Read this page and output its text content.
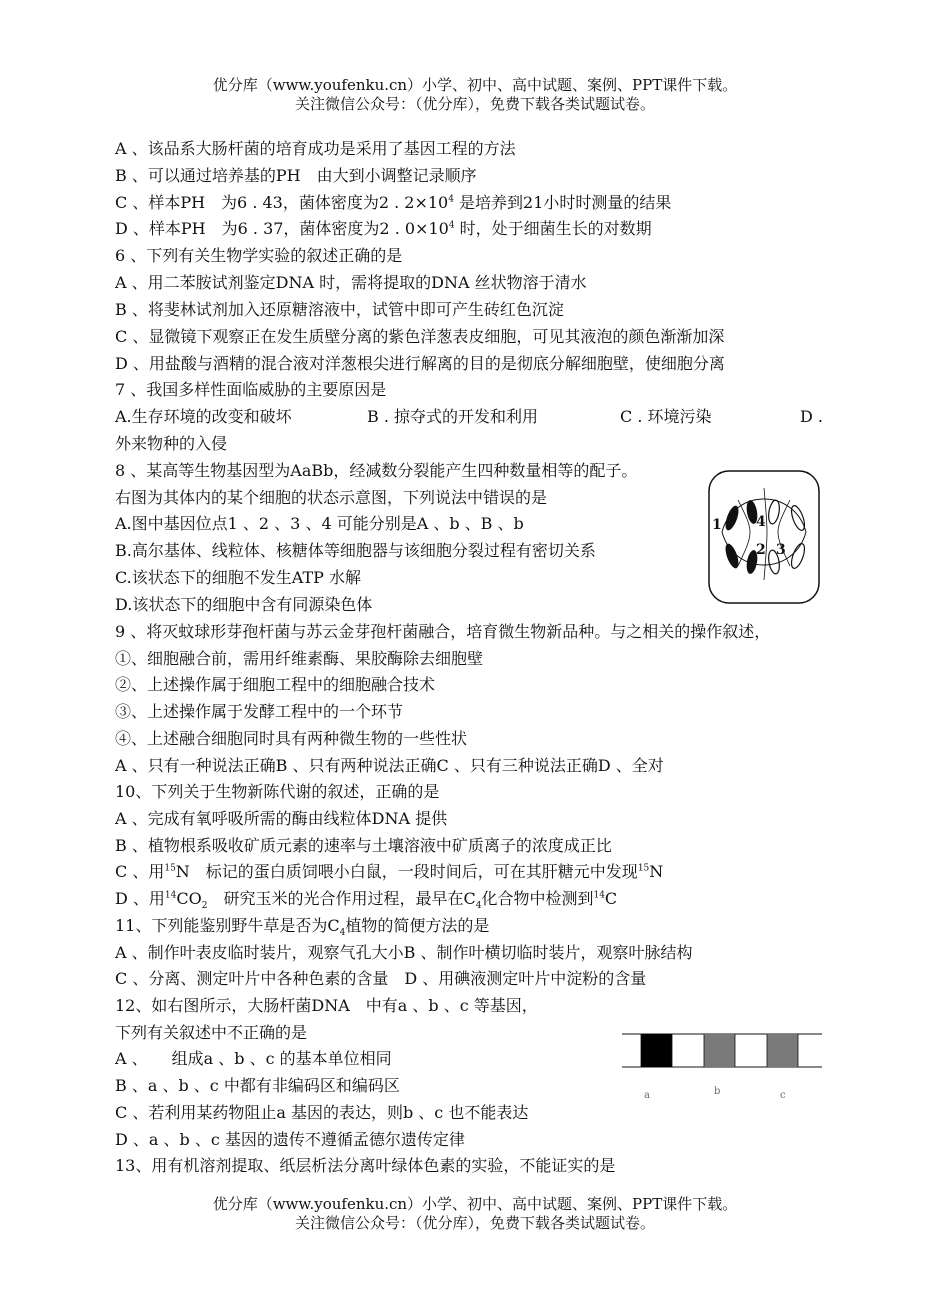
优分库（www.youfenku.cn）小学、初中、高中试题、案例、PPT课件下载。
关注微信公众号：（优分库），免费下载各类试题试卷。
A 、该品系大肠杆菌的培育成功是采用了基因工程的方法
B 、可以通过培养基的PH　由大到小调整记录顺序
C 、样本PH　为6 . 43，菌体密度为2 . $2\times 10^4$ 是培养到21小时时测量的结果
D 、样本PH　为6 . 37，菌体密度为2 . $0\times 10^4$ 时，处于细菌生长的对数期
6 、下列有关生物学实验的叙述正确的是
A 、用二苯胺试剂鉴定DNA 时，需将提取的DNA 丝状物溶于清水
B 、将斐林试剂加入还原糖溶液中，试管中即可产生砖红色沉淀
C 、显微镜下观察正在发生质壁分离的紫色洋葱表皮细胞，可见其液泡的颜色渐渐加深
D 、用盐酸与酒精的混合液对洋葱根尖进行解离的目的是彻底分解细胞壁，使细胞分离
7 、我国多样性面临威胁的主要原因是
A.生存环境的改变和破坏	B . 掠夺式的开发和利用	C . 环境污染	D .
外来物种的入侵
8 、某高等生物基因型为AaBb，经减数分裂能产生四种数量相等的配子。
右图为其体内的某个细胞的状态示意图，下列说法中错误的是
A.图中基因位点1 、2 、3 、4 可能分别是A 、b 、B 、b
B.高尔基体、线粒体、核糖体等细胞器与该细胞分裂过程有密切关系
C.该状态下的细胞不发生ATP 水解
D.该状态下的细胞中含有同源染色体
1 4
2 3
9 、将灭蚊球形芽孢杆菌与苏云金芽孢杆菌融合，培育微生物新品种。与之相关的操作叙述，
①、细胞融合前，需用纤维素酶、果胶酶除去细胞壁
②、上述操作属于细胞工程中的细胞融合技术
③、上述操作属于发酵工程中的一个环节
④、上述融合细胞同时具有两种微生物的一些性状
A 、只有一种说法正确B 、只有两种说法正确C 、只有三种说法正确D 、全对
10、下列关于生物新陈代谢的叙述，正确的是
A 、完成有氧呼吸所需的酶由线粒体DNA 提供
B 、植物根系吸收矿质元素的速率与土壤溶液中矿质离子的浓度成正比
C 、用$^{15}$N　标记的蛋白质饲喂小白鼠，一段时间后，可在其肝糖元中发现$^{15}$N
D 、用$^{14}CO_2$　研究玉米的光合作用过程，最早在$C_4$化合物中检测到$^{14}$C
11、下列能鉴别野牛草是否为$C_4$植物的简便方法的是
A 、制作叶表皮临时装片，观察气孔大小B 、制作叶横切临时装片，观察叶脉结构
C 、分离、测定叶片中各种色素的含量　D 、用碘液测定叶片中淀粉的含量
12、如右图所示，大肠杆菌DNA　中有a 、b 、c 等基因，
下列有关叙述中不正确的是
A 、　　组成a 、b 、c 的基本单位相同
B 、a 、b 、c 中都有非编码区和编码区
C 、若利用某药物阻止a 基因的表达，则b 、c 也不能表达
D 、a 、b 、c 基因的遗传不遵循孟德尔遗传定律
a	b	c
13、用有机溶剂提取、纸层析法分离叶绿体色素的实验，不能证实的是
优分库（www.youfenku.cn）小学、初中、高中试题、案例、PPT课件下载。
关注微信公众号：（优分库），免费下载各类试题试卷。
